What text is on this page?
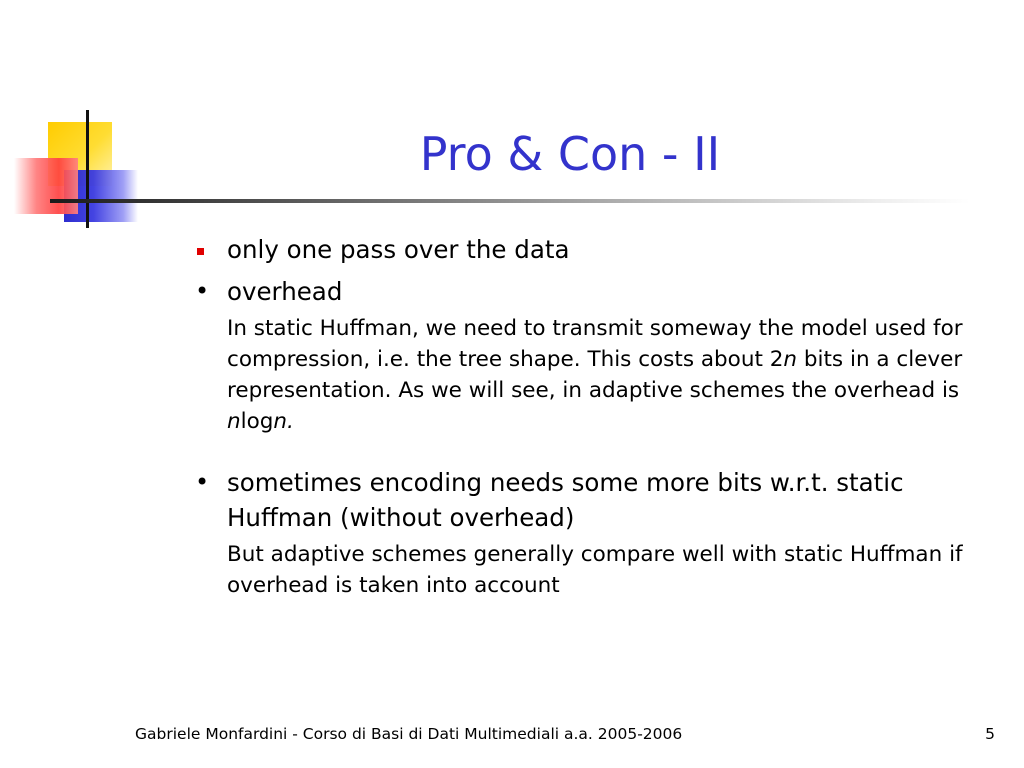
Pro & Con - II
only one pass over the data
• overhead
In static Huffman, we need to transmit someway the model used for compression, i.e. the tree shape. This costs about 2n bits in a clever representation. As we will see, in adaptive schemes the overhead is nlogn.
• sometimes encoding needs some more bits w.r.t. static Huffman (without overhead)
But adaptive schemes generally compare well with static Huffman if overhead is taken into account
Gabriele Monfardini - Corso di Basi di Dati Multimediali a.a. 2005-2006	5
